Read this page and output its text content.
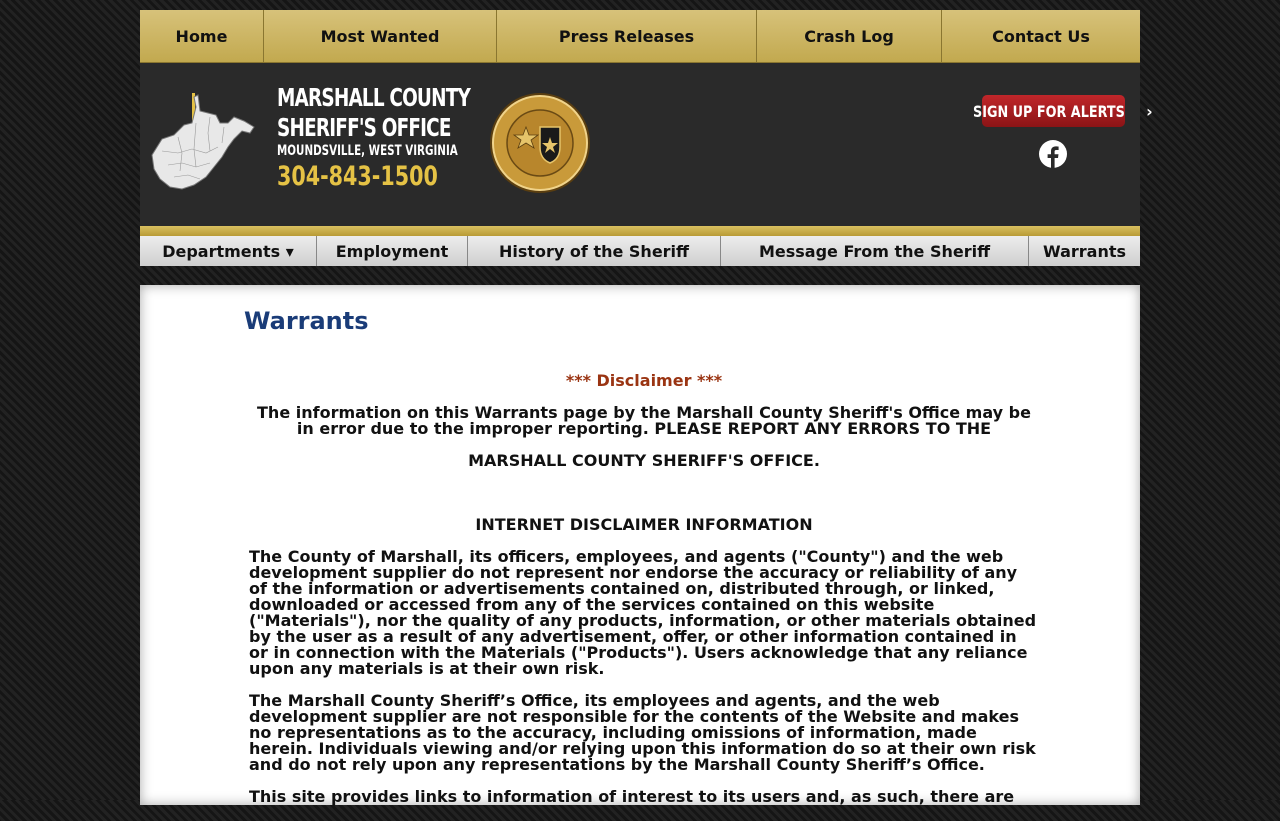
Home	Most Wanted	Press Releases	Crash Log	Contact Us
MARSHALL COUNTY
SHERIFF'S OFFICE
MOUNDSVILLE, WEST VIRGINIA
304-843-1500
SIGN UP FOR ALERTS ›
Departments ▾	Employment	History of the Sheriff	Message From the Sheriff	Warrants
Warrants
*** Disclaimer ***
The information on this Warrants page by the Marshall County Sheriff's Office may be in error due to the improper reporting. PLEASE REPORT ANY ERRORS TO THE
MARSHALL COUNTY SHERIFF'S OFFICE.
INTERNET DISCLAIMER INFORMATION

The County of Marshall, its officers, employees, and agents ("County") and the web development supplier do not represent nor endorse the accuracy or reliability of any of the information or advertisements contained on, distributed through, or linked, downloaded or accessed from any of the services contained on this website ("Materials"), nor the quality of any products, information, or other materials obtained by the user as a result of any advertisement, offer, or other information contained in or in connection with the Materials ("Products"). Users acknowledge that any reliance upon any materials is at their own risk.

The Marshall County Sheriff’s Office, its employees and agents, and the web development supplier are not responsible for the contents of the Website and makes no representations as to the accuracy, including omissions of information, made herein. Individuals viewing and/or relying upon this information do so at their own risk and do not rely upon any representations by the Marshall County Sheriff’s Office.

This site provides links to information of interest to its users and, as such, there are
